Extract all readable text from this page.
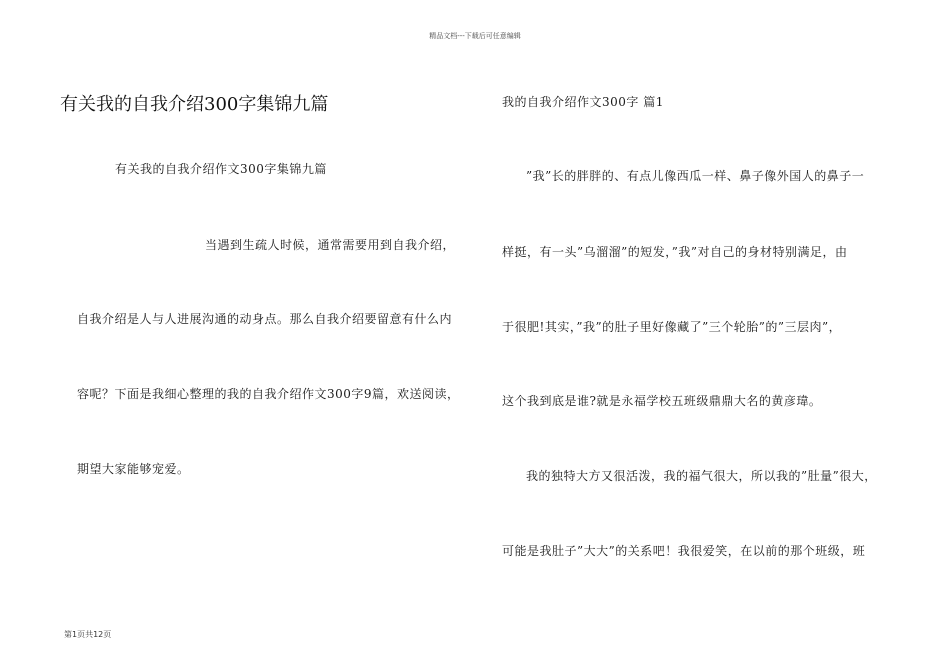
精品文档---下载后可任意编辑
有关我的自我介绍300字集锦九篇
有关我的自我介绍作文300字集锦九篇
当遇到生疏人时候，通常需要用到自我介绍，
自我介绍是人与人进展沟通的动身点。那么自我介绍要留意有什么内
容呢？下面是我细心整理的我的自我介绍作文300字9篇，欢送阅读，
期望大家能够宠爱。
我的自我介绍作文300字 篇1
”我”长的胖胖的、有点儿像西瓜一样、鼻子像外国人的鼻子一
样挺，有一头”乌溜溜”的短发，”我”对自己的身材特别满足，由
于很肥!其实，”我”的肚子里好像藏了”三个轮胎”的”三层肉”，
这个我到底是谁?就是永福学校五班级鼎鼎大名的黄彦瑋。
我的独特大方又很活泼，我的福气很大，所以我的”肚量”很大，
可能是我肚子”大大”的关系吧！我很爱笑，在以前的那个班级，班
第1页共12页
